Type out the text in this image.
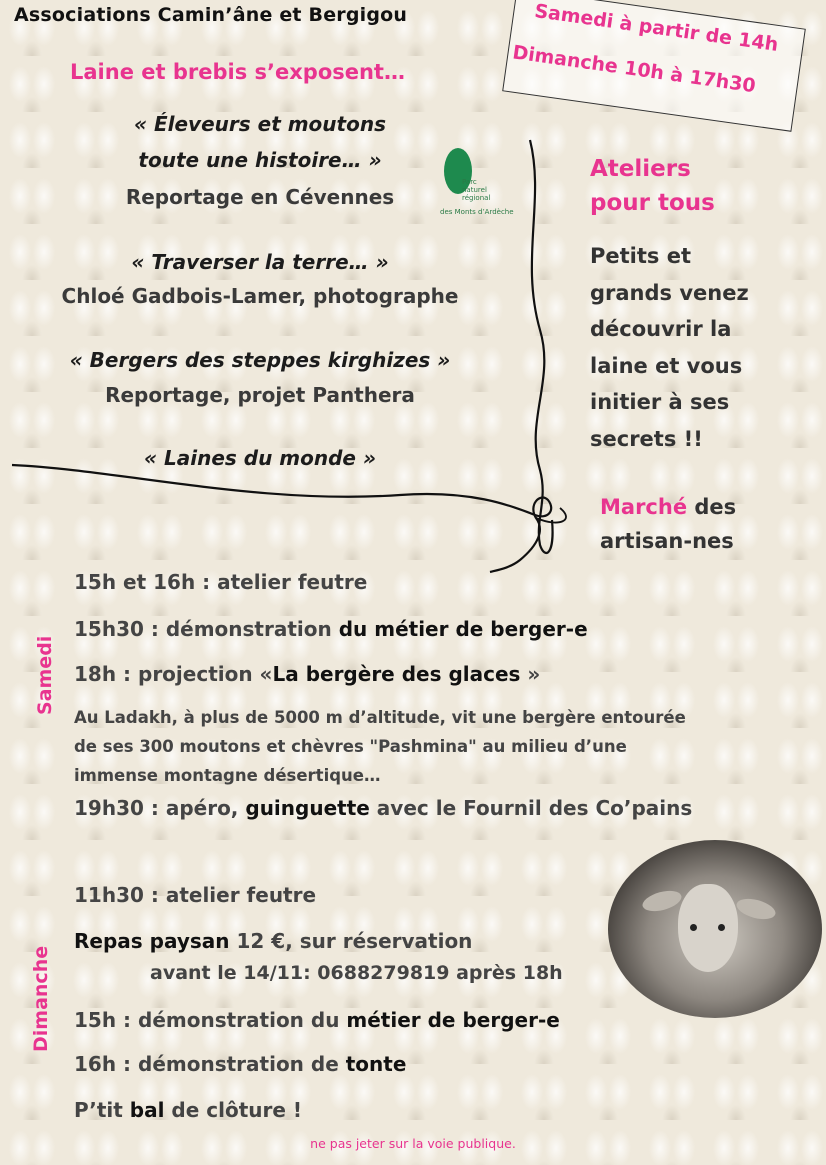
Associations Camin’âne et Bergigou	Samedi à partir de 14h
Dimanche 10h à 17h30
Laine et brebis s’exposent…
« Éleveurs et moutons
toute une histoire… »
Reportage en Cévennes
« Traverser la terre… »
Chloé Gadbois-Lamer, photographe
« Bergers des steppes kirghizes »
Reportage, projet Panthera
« Laines du monde »
Parc naturel régional
des Monts d’Ardèche
Ateliers
pour tous
Petits et
grands venez
découvrir la
laine et vous
initier à ses
secrets !!
Marché des
artisan-nes
Samedi
15h et 16h : atelier feutre
15h30 : démonstration du métier de berger-e
18h : projection «La bergère des glaces »
Au Ladakh, à plus de 5000 m d’altitude, vit une bergère entourée
de ses 300 moutons et chèvres "Pashmina" au milieu d’une
immense montagne désertique…
19h30 : apéro, guinguette avec le Fournil des Co’pains
Dimanche
11h30 : atelier feutre
Repas paysan 12 €, sur réservation
avant le 14/11: 0688279819 après 18h
15h : démonstration du métier de berger-e
16h : démonstration de tonte
P’tit bal de clôture !
ne pas jeter sur la voie publique.
